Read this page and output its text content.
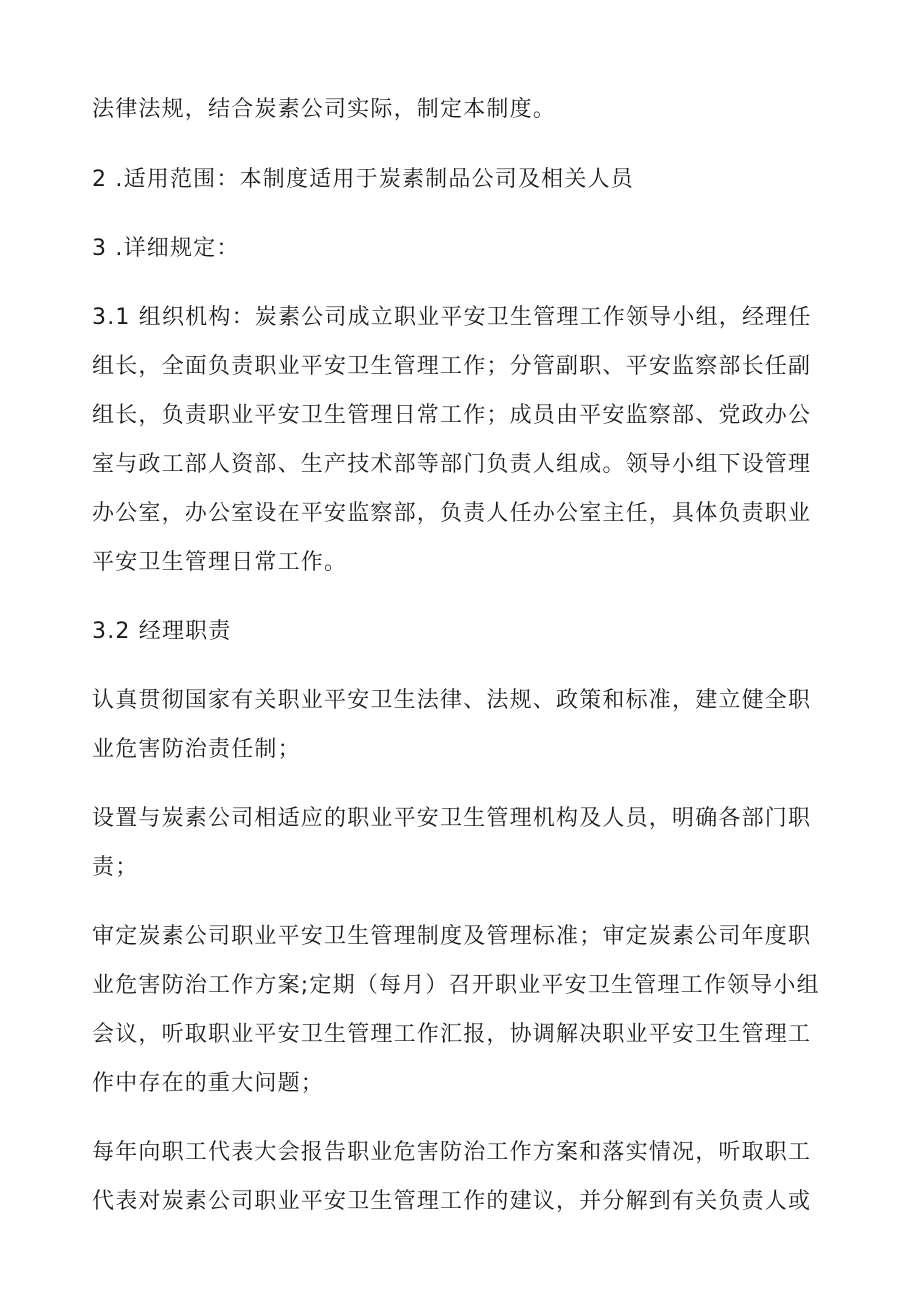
法律法规，结合炭素公司实际，制定本制度。
2 .适用范围：本制度适用于炭素制品公司及相关人员
3 .详细规定：
3.1 组织机构：炭素公司成立职业平安卫生管理工作领导小组，经理任
组长，全面负责职业平安卫生管理工作；分管副职、平安监察部长任副
组长，负责职业平安卫生管理日常工作；成员由平安监察部、党政办公
室与政工部人资部、生产技术部等部门负责人组成。领导小组下设管理
办公室，办公室设在平安监察部，负责人任办公室主任，具体负责职业
平安卫生管理日常工作。
3.2 经理职责
认真贯彻国家有关职业平安卫生法律、法规、政策和标准，建立健全职
业危害防治责任制；
设置与炭素公司相适应的职业平安卫生管理机构及人员，明确各部门职
责；
审定炭素公司职业平安卫生管理制度及管理标准；审定炭素公司年度职
业危害防治工作方案;定期（每月）召开职业平安卫生管理工作领导小组
会议，听取职业平安卫生管理工作汇报，协调解决职业平安卫生管理工
作中存在的重大问题；
每年向职工代表大会报告职业危害防治工作方案和落实情况，听取职工
代表对炭素公司职业平安卫生管理工作的建议，并分解到有关负责人或
